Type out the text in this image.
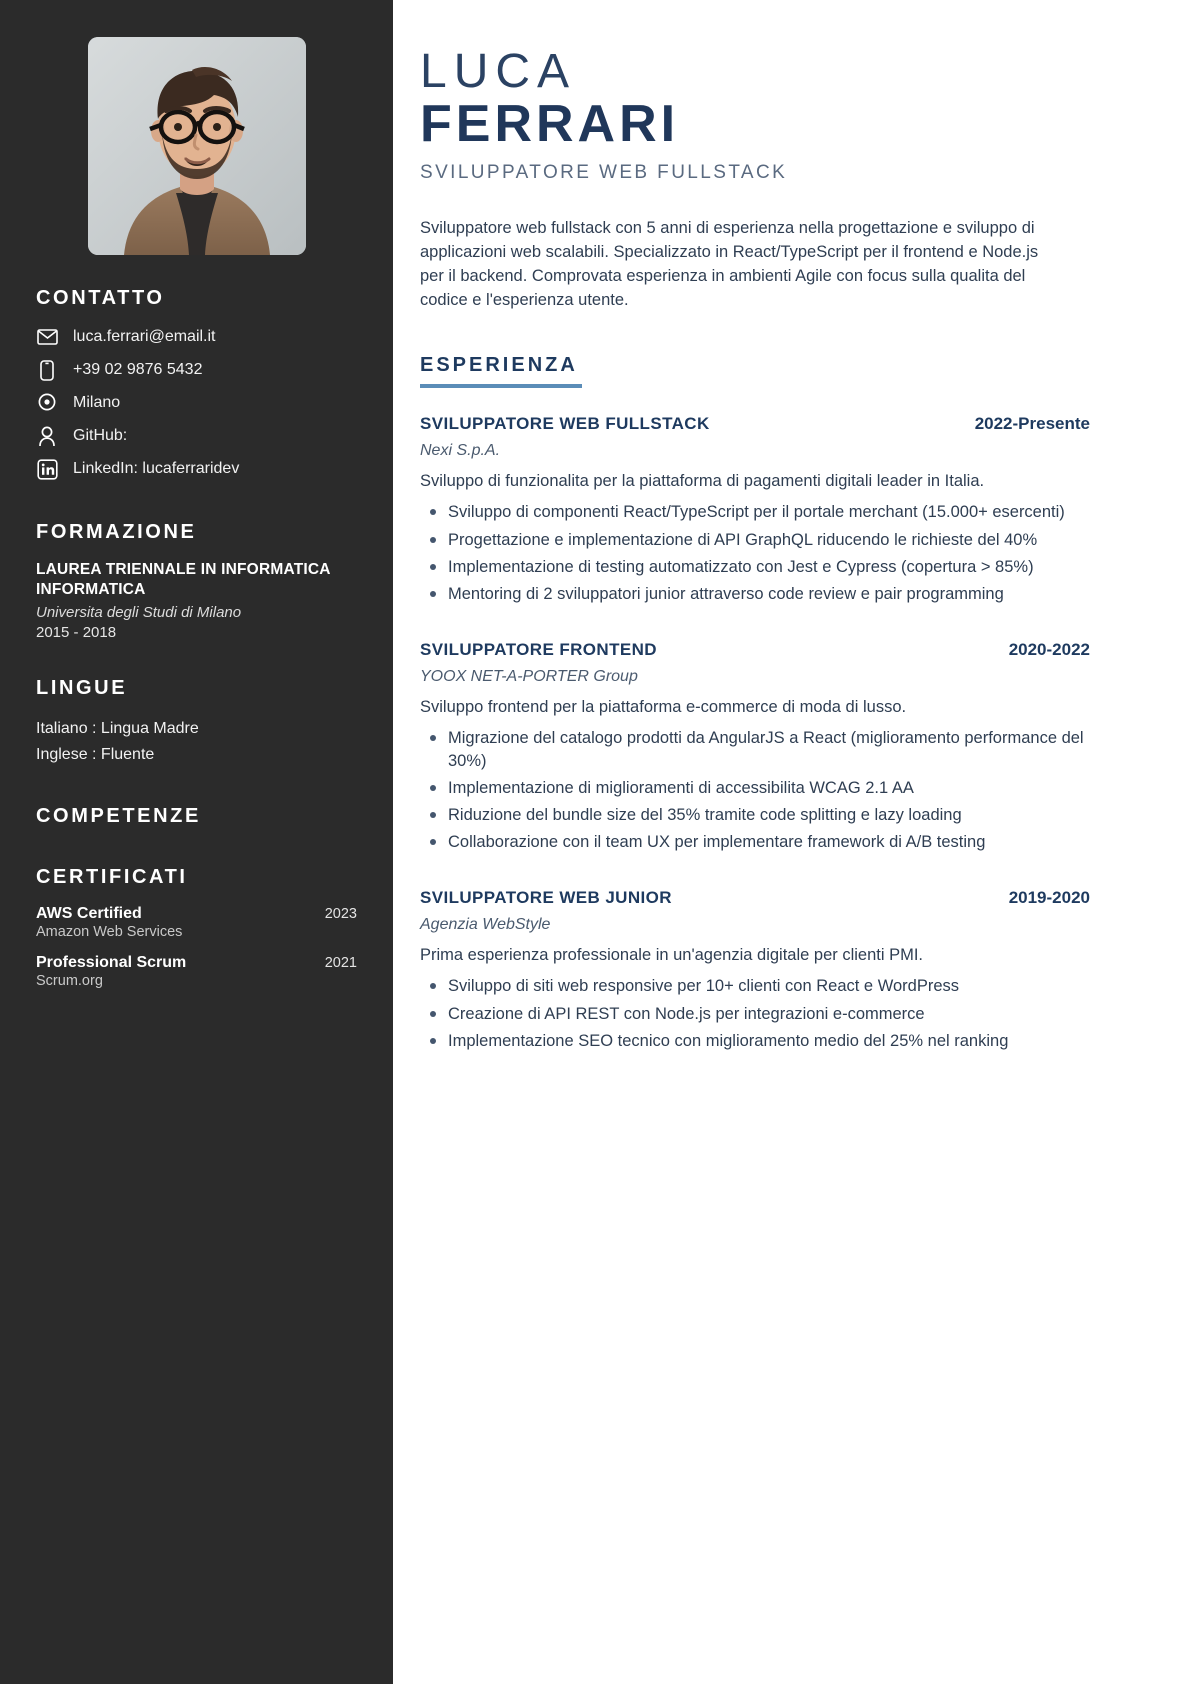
CONTATTO
luca.ferrari@email.it
+39 02 9876 5432
Milano
GitHub:
LinkedIn: lucaferraridev
FORMAZIONE
LAUREA TRIENNALE IN INFORMATICA INFORMATICA
Universita degli Studi di Milano
2015 - 2018
LINGUE
Italiano : Lingua Madre
Inglese : Fluente
COMPETENZE
CERTIFICATI
AWS Certified	2023
Amazon Web Services
Professional Scrum	2021
Scrum.org
LUCA
FERRARI
SVILUPPATORE WEB FULLSTACK

Sviluppatore web fullstack con 5 anni di esperienza nella progettazione e sviluppo di applicazioni web scalabili. Specializzato in React/TypeScript per il frontend e Node.js per il backend. Comprovata esperienza in ambienti Agile con focus sulla qualita del codice e l'esperienza utente.

ESPERIENZA
SVILUPPATORE WEB FULLSTACK	2022-Presente
Nexi S.p.A.
Sviluppo di funzionalita per la piattaforma di pagamenti digitali leader in Italia.
Sviluppo di componenti React/TypeScript per il portale merchant (15.000+ esercenti)
Progettazione e implementazione di API GraphQL riducendo le richieste del 40%
Implementazione di testing automatizzato con Jest e Cypress (copertura > 85%)
Mentoring di 2 sviluppatori junior attraverso code review e pair programming
SVILUPPATORE FRONTEND	2020-2022
YOOX NET-A-PORTER Group
Sviluppo frontend per la piattaforma e-commerce di moda di lusso.
Migrazione del catalogo prodotti da AngularJS a React (miglioramento performance del 30%)
Implementazione di miglioramenti di accessibilita WCAG 2.1 AA
Riduzione del bundle size del 35% tramite code splitting e lazy loading
Collaborazione con il team UX per implementare framework di A/B testing
SVILUPPATORE WEB JUNIOR	2019-2020
Agenzia WebStyle
Prima esperienza professionale in un'agenzia digitale per clienti PMI.
Sviluppo di siti web responsive per 10+ clienti con React e WordPress
Creazione di API REST con Node.js per integrazioni e-commerce
Implementazione SEO tecnico con miglioramento medio del 25% nel ranking
